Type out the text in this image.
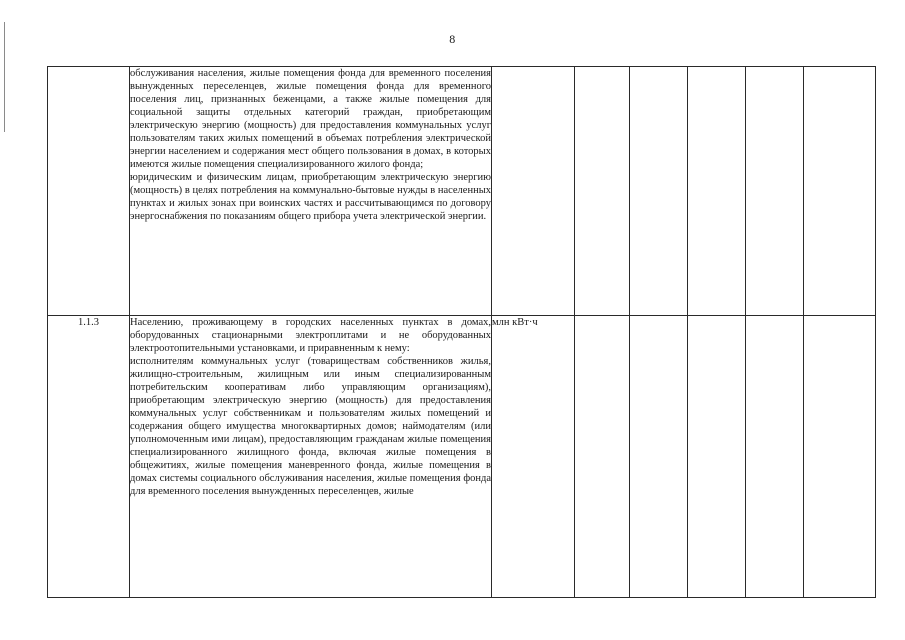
8

	обслуживания населения, жилые помещения фонда для временного поселения вынужденных переселенцев, жилые помещения фонда для временного поселения лиц, признанных беженцами, а также жилые помещения для социальной защиты отдельных категорий граждан, приобретающим электрическую энергию (мощность) для предоставления коммунальных услуг пользователям таких жилых помещений в объемах потребления электрической энергии населением и содержания мест общего пользования в домах, в которых имеются жилые помещения специализированного жилого фонда;

юридическим и физическим лицам, приобретающим электрическую энергию (мощность) в целях потребления на коммунально-бытовые нужды в населенных пунктах и жилых зонах при воинских частях и рассчитывающимся по договору энергоснабжения по показаниям общего прибора учета электрической энергии.						

1.1.3	Населению, проживающему в городских населенных пунктах в домах, оборудованных стационарными электроплитами и не оборудованных электроотопительными установками, и приравненным к нему:

исполнителям коммунальных услуг (товариществам собственников жилья, жилищно-строительным, жилищным или иным специализированным потребительским кооперативам либо управляющим организациям), приобретающим электрическую энергию (мощность) для предоставления коммунальных услуг собственникам и пользователям жилых помещений и содержания общего имущества многоквартирных домов; наймодателям (или уполномоченным ими лицам), предоставляющим гражданам жилые помещения специализированного жилищного фонда, включая жилые помещения в общежитиях, жилые помещения маневренного фонда, жилые помещения в домах системы социального обслуживания населения, жилые помещения фонда для временного поселения вынужденных переселенцев, жилые	млн кВт·ч					
